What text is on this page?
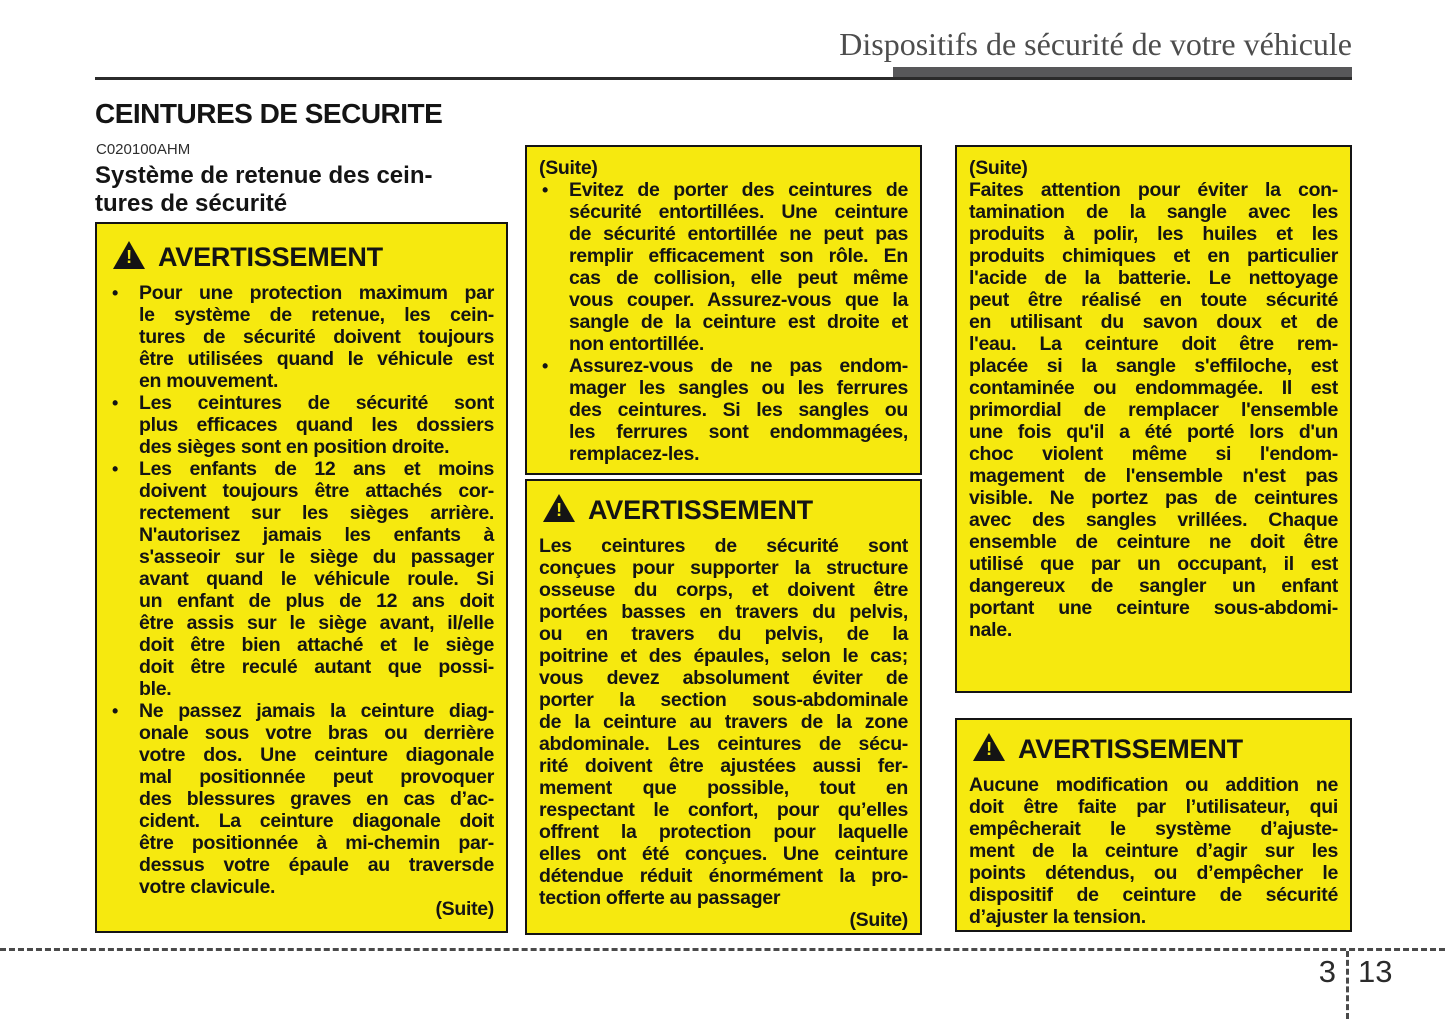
Dispositifs de sécurité de votre véhicule
CEINTURES DE SECURITE
C020100AHM
Système de retenue des cein-
tures de sécurité
!
AVERTISSEMENT
•	Pour une protection maximum par
le système de retenue, les cein-
tures de sécurité doivent toujours
être utilisées quand le véhicule est
en mouvement.
•	Les ceintures de sécurité sont
plus efficaces quand les dossiers
des sièges sont en position droite.
•	Les enfants de 12 ans et moins
doivent toujours être attachés cor-
rectement sur les sièges arrière.
N'autorisez jamais les enfants à
s'asseoir sur le siège du passager
avant quand le véhicule roule. Si
un enfant de plus de 12 ans doit
être assis sur le siège avant, il/elle
doit être bien attaché et le siège
doit être reculé autant que possi-
ble.
•	Ne passez jamais la ceinture diag-
onale sous votre bras ou derrière
votre dos. Une ceinture diagonale
mal positionnée peut provoquer
des blessures graves en cas d’ac-
cident. La ceinture diagonale doit
être positionnée à mi-chemin par-
dessus votre épaule au traversde
votre clavicule.
(Suite)
(Suite)
•	Evitez de porter des ceintures de
sécurité entortillées. Une ceinture
de sécurité entortillée ne peut pas
remplir efficacement son rôle. En
cas de collision, elle peut même
vous couper. Assurez-vous que la
sangle de la ceinture est droite et
non entortillée.
•	Assurez-vous de ne pas endom-
mager les sangles ou les ferrures
des ceintures. Si les sangles ou
les ferrures sont endommagées,
remplacez-les.
!
AVERTISSEMENT
Les ceintures de sécurité sont
conçues pour supporter la structure
osseuse du corps, et doivent être
portées basses en travers du pelvis,
ou en travers du pelvis, de la
poitrine et des épaules, selon le cas;
vous devez absolument éviter de
porter la section sous-abdominale
de la ceinture au travers de la zone
abdominale. Les ceintures de sécu-
rité doivent être ajustées aussi fer-
mement que possible, tout en
respectant le confort, pour qu’elles
offrent la protection pour laquelle
elles ont été conçues. Une ceinture
détendue réduit énormément la pro-
tection offerte au passager
(Suite)
(Suite)
Faites attention pour éviter la con-
tamination de la sangle avec les
produits à polir, les huiles et les
produits chimiques et en particulier
l'acide de la batterie. Le nettoyage
peut être réalisé en toute sécurité
en utilisant du savon doux et de
l'eau. La ceinture doit être rem-
placée si la sangle s'effiloche, est
contaminée ou endommagée. Il est
primordial de remplacer l'ensemble
une fois qu'il a été porté lors d'un
choc violent même si l'endom-
magement de l'ensemble n'est pas
visible. Ne portez pas de ceintures
avec des sangles vrillées. Chaque
ensemble de ceinture ne doit être
utilisé que par un occupant, il est
dangereux de sangler un enfant
portant une ceinture sous-abdomi-
nale.
!
AVERTISSEMENT
Aucune modification ou addition ne
doit être faite par l’utilisateur, qui
empêcherait le système d’ajuste-
ment de la ceinture d’agir sur les
points détendus, ou d’empêcher le
dispositif de ceinture de sécurité
d’ajuster la tension.
3 13
